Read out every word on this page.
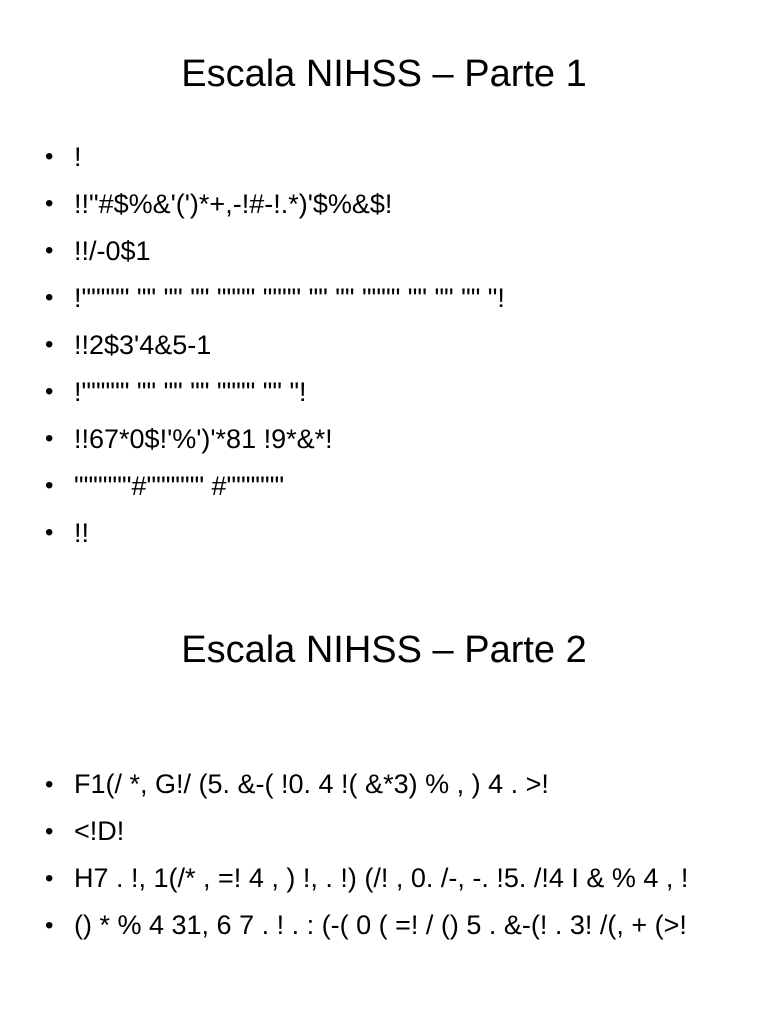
Escala NIHSS – Parte 1
• !
• !!"#$%&'(')*+,-!#-!.*)'$%&$!
• !!/-0$1
• !""""" "" "" "" """" """" "" "" """" "" "" "" "!
• !!2$3'4&5-1
• !""""" "" "" "" """" "" "!
• !!67*0$!'%')'*81 !9*&*!
• """"""#"""""" #""""""
• !!
Escala NIHSS – Parte 2
• F1(/ *, G!/ (5. &-( !0. 4 !( &*3) % , ) 4 . >!
• <!D!
• H7 . !, 1(/* , =! 4 , ) !, . !) (/! , 0. /-, -. !5. /!4 I & % 4 , !
• () * % 4 31, 6 7 . ! . : (-( 0 ( =! / () 5 . &-(! . 3! /(, + (>!
